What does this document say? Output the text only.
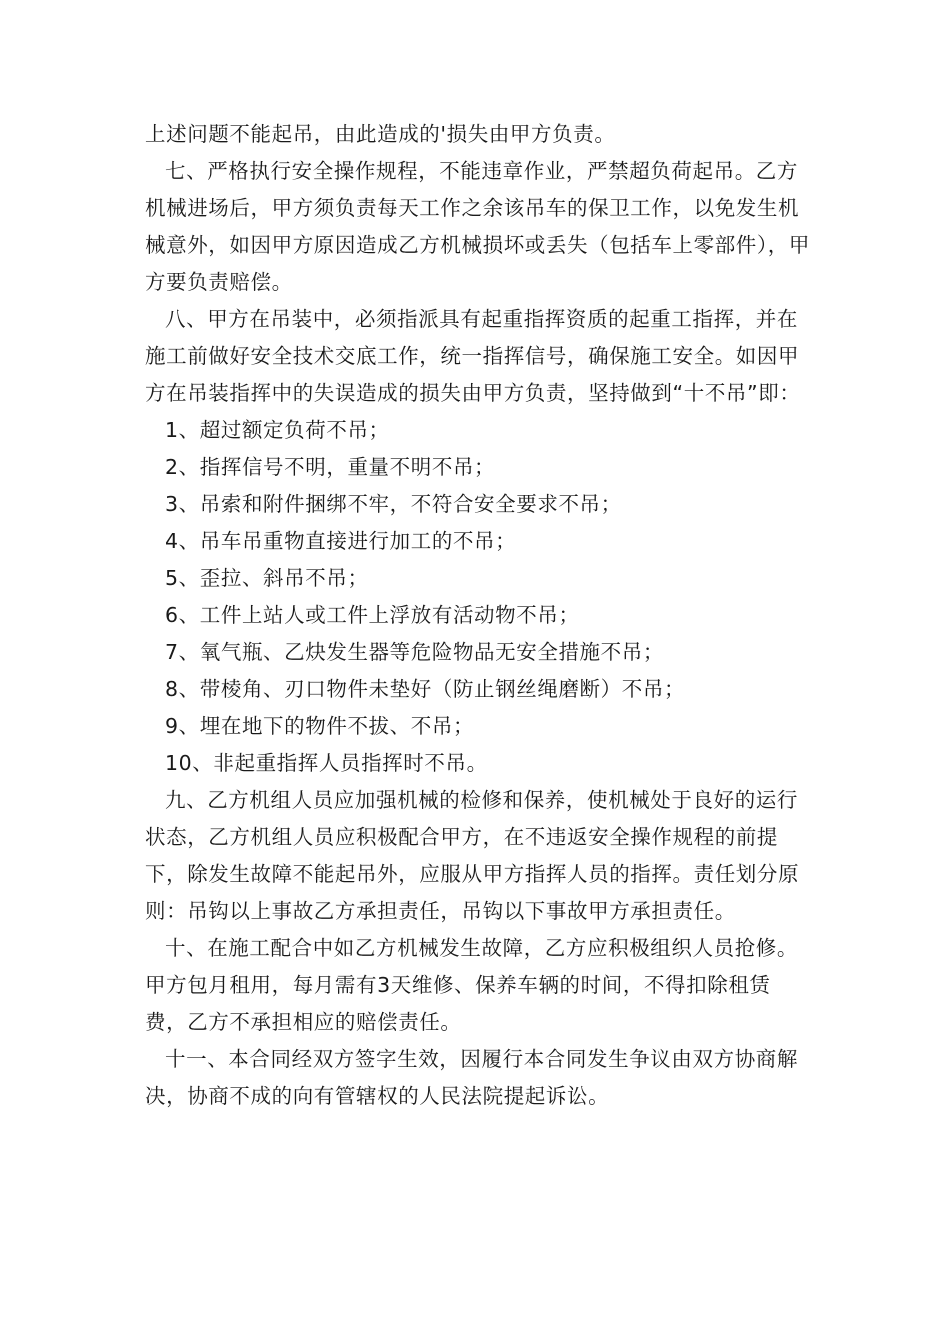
上述问题不能起吊，由此造成的'损失由甲方负责。

七、严格执行安全操作规程，不能违章作业，严禁超负荷起吊。乙方机械进场后，甲方须负责每天工作之余该吊车的保卫工作，以免发生机械意外，如因甲方原因造成乙方机械损坏或丢失（包括车上零部件），甲方要负责赔偿。

八、甲方在吊装中，必须指派具有起重指挥资质的起重工指挥，并在施工前做好安全技术交底工作，统一指挥信号，确保施工安全。如因甲方在吊装指挥中的失误造成的损失由甲方负责，坚持做到“十不吊”即：

1、超过额定负荷不吊；

2、指挥信号不明，重量不明不吊；

3、吊索和附件捆绑不牢，不符合安全要求不吊；

4、吊车吊重物直接进行加工的不吊；

5、歪拉、斜吊不吊；

6、工件上站人或工件上浮放有活动物不吊；

7、氧气瓶、乙炔发生器等危险物品无安全措施不吊；

8、带棱角、刃口物件未垫好（防止钢丝绳磨断）不吊；

9、埋在地下的物件不拔、不吊；

10、非起重指挥人员指挥时不吊。

九、乙方机组人员应加强机械的检修和保养，使机械处于良好的运行状态，乙方机组人员应积极配合甲方，在不违返安全操作规程的前提下，除发生故障不能起吊外，应服从甲方指挥人员的指挥。责任划分原则：吊钩以上事故乙方承担责任，吊钩以下事故甲方承担责任。

十、在施工配合中如乙方机械发生故障，乙方应积极组织人员抢修。甲方包月租用，每月需有3天维修、保养车辆的时间，不得扣除租赁费，乙方不承担相应的赔偿责任。

十一、本合同经双方签字生效，因履行本合同发生争议由双方协商解决，协商不成的向有管辖权的人民法院提起诉讼。
